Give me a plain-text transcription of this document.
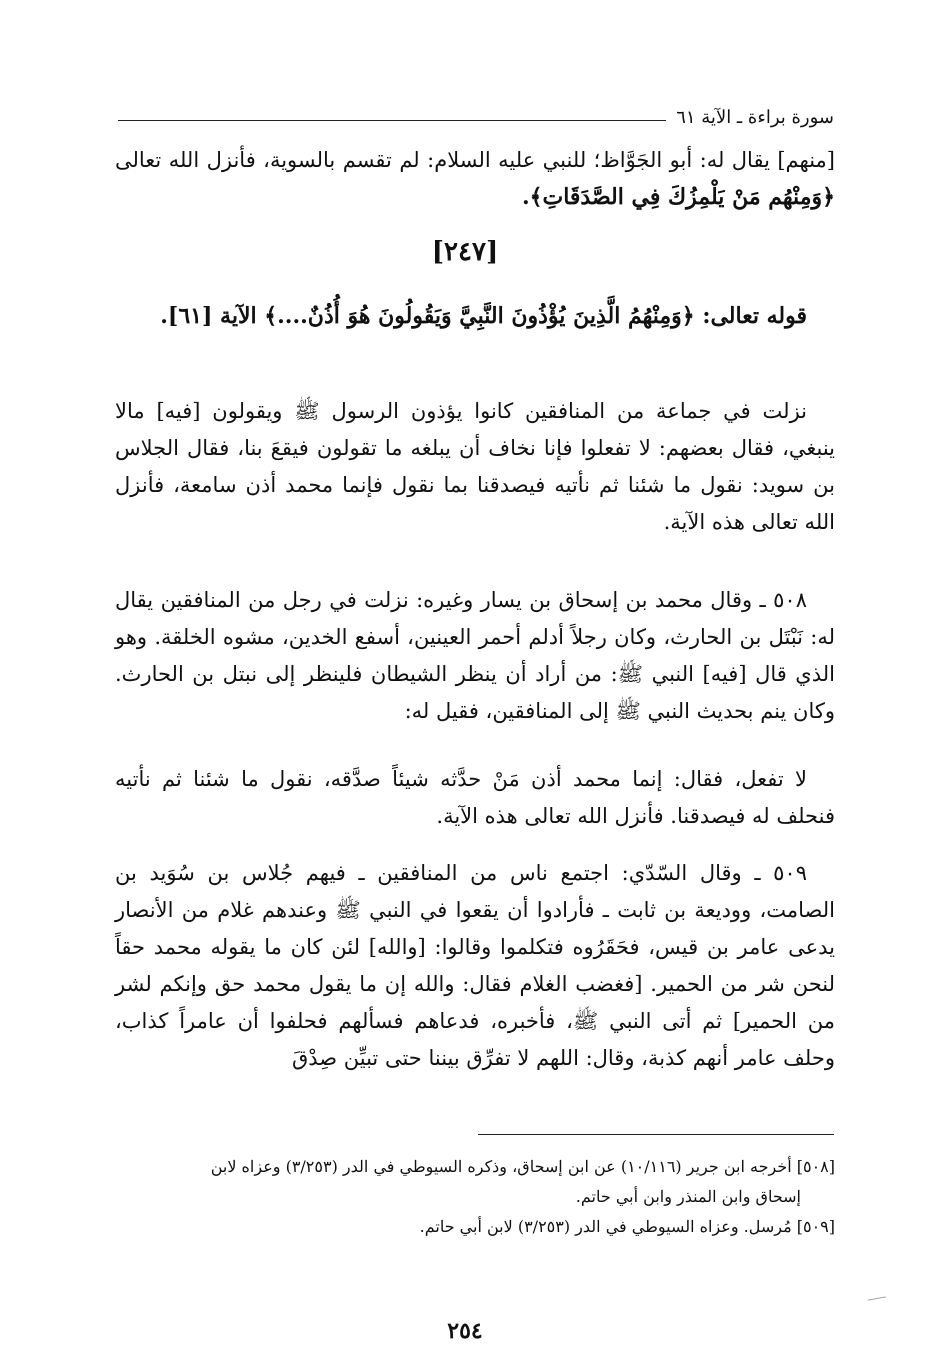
سورة براءة ـ الآية ٦١
[منهم] يقال له: أبو الجَوَّاظ؛ للنبي عليه السلام: لم تقسم بالسوية، فأنزل الله تعالى ﴿وَمِنْهُم مَنْ يَلْمِزُكَ فِي الصَّدَقَاتِ﴾.
[٢٤٧]
قوله تعالى: ﴿وَمِنْهُمُ الَّذِينَ يُؤْذُونَ النَّبِيَّ وَيَقُولُونَ هُوَ أُذُنٌ....﴾ الآية [٦١].
نزلت في جماعة من المنافقين كانوا يؤذون الرسول ﷺ ويقولون [فيه] مالا ينبغي، فقال بعضهم: لا تفعلوا فإنا نخاف أن يبلغه ما تقولون فيقعَ بنا، فقال الجلاس بن سويد: نقول ما شئنا ثم نأتيه فيصدقنا بما نقول فإنما محمد أذن سامعة، فأنزل الله تعالى هذه الآية.
٥٠٨ ـ وقال محمد بن إسحاق بن يسار وغيره: نزلت في رجل من المنافقين يقال له: نَبْتَل بن الحارث، وكان رجلاً أدلم أحمر العينين، أسفع الخدين، مشوه الخلقة. وهو الذي قال [فيه] النبي ﷺ: من أراد أن ينظر الشيطان فلينظر إلى نبتل بن الحارث. وكان ينم بحديث النبي ﷺ إلى المنافقين، فقيل له:
لا تفعل، فقال: إنما محمد أذن مَنْ حدَّثه شيئاً صدَّقه، نقول ما شئنا ثم نأتيه فنحلف له فيصدقنا. فأنزل الله تعالى هذه الآية.
٥٠٩ ـ وقال السّدّي: اجتمع ناس من المنافقين ـ فيهم جُلاس بن سُوَيد بن الصامت، ووديعة بن ثابت ـ فأرادوا أن يقعوا في النبي ﷺ وعندهم غلام من الأنصار يدعى عامر بن قيس، فحَقَرُوه فتكلموا وقالوا: [والله] لئن كان ما يقوله محمد حقاً لنحن شر من الحمير. [فغضب الغلام فقال: والله إن ما يقول محمد حق وإنكم لشر من الحمير] ثم أتى النبي ﷺ، فأخبره، فدعاهم فسألهم فحلفوا أن عامراً كذاب، وحلف عامر أنهم كذبة، وقال: اللهم لا تفرِّق بيننا حتى تبيِّن صِدْقَ
[٥٠٨] أخرجه ابن جرير (١٠/١١٦) عن ابن إسحاق، وذكره السيوطي في الدر (٣/٢٥٣) وعزاه لابن
إسحاق وابن المنذر وابن أبي حاتم.
[٥٠٩] مُرسل. وعزاه السيوطي في الدر (٣/٢٥٣) لابن أبي حاتم.
٢٥٤
